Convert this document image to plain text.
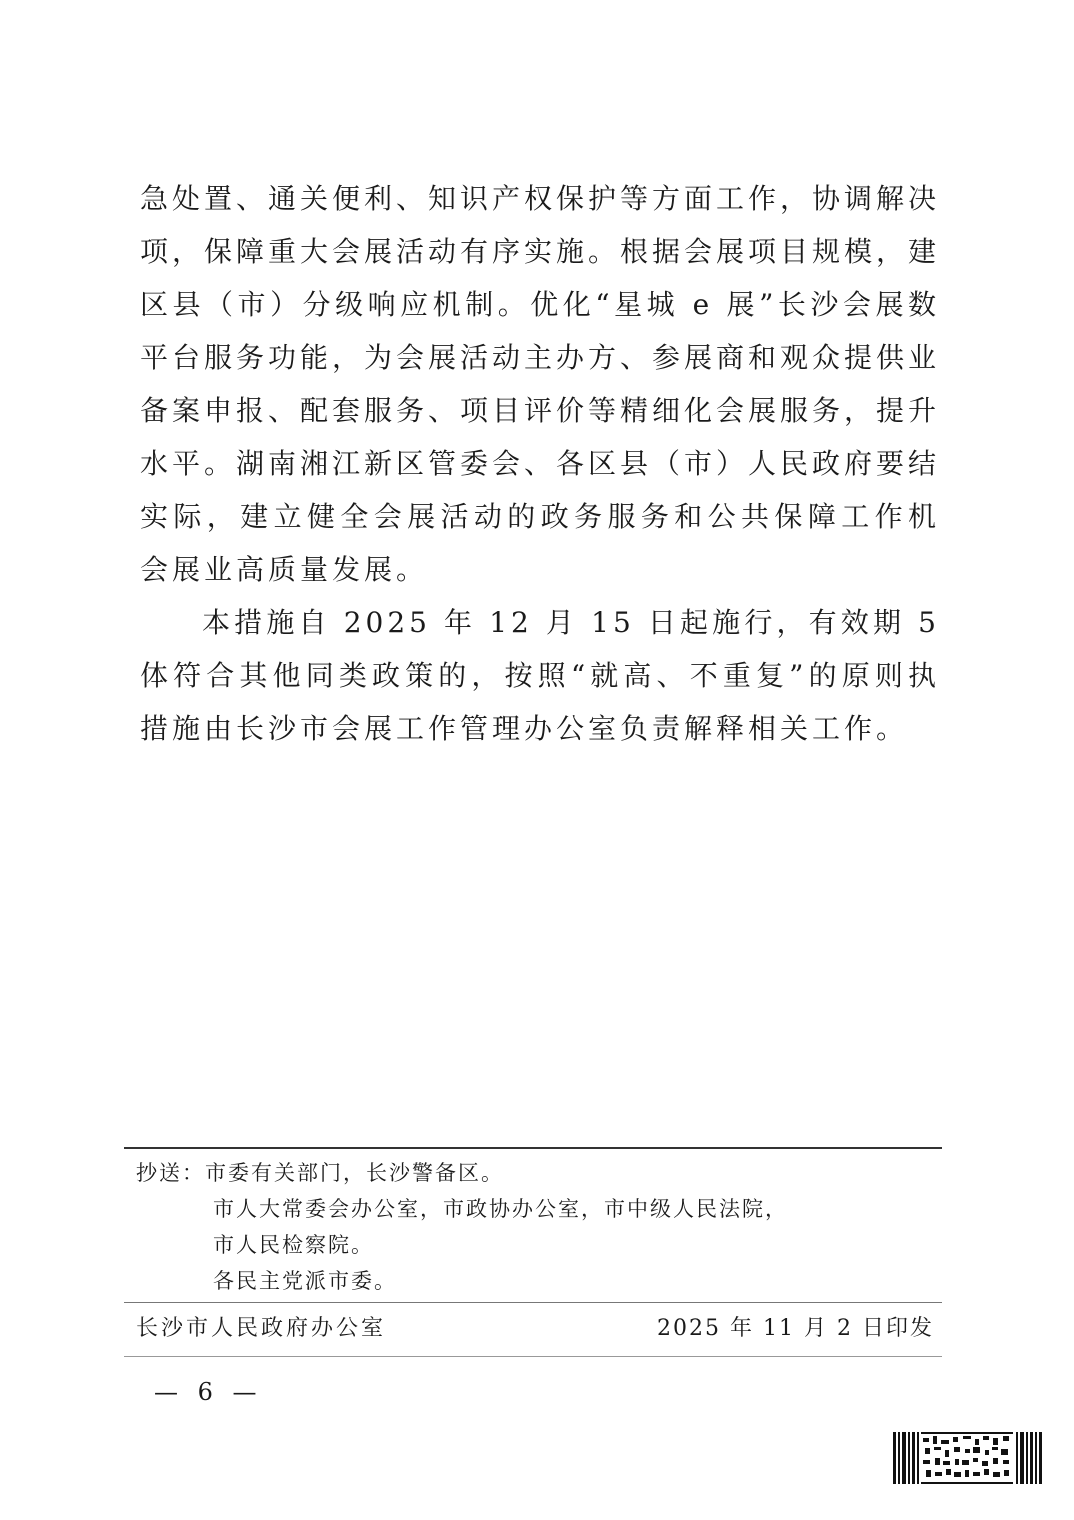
急处置、通关便利、知识产权保护等方面工作，协调解决
项，保障重大会展活动有序实施。根据会展项目规模，建
区县（市）分级响应机制。优化“星城 e 展”长沙会展数
平台服务功能，为会展活动主办方、参展商和观众提供业
备案申报、配套服务、项目评价等精细化会展服务，提升
水平。湖南湘江新区管委会、各区县（市）人民政府要结
实际，建立健全会展活动的政务服务和公共保障工作机
会展业高质量发展。
本措施自 2025 年 12 月 15 日起施行，有效期 5
体符合其他同类政策的，按照“就高、不重复”的原则执
措施由长沙市会展工作管理办公室负责解释相关工作。
抄送：市委有关部门，长沙警备区。
市人大常委会办公室，市政协办公室，市中级人民法院，
市人民检察院。
各民主党派市委。
长沙市人民政府办公室	2025 年 11 月 2 日印发
— 6 —
